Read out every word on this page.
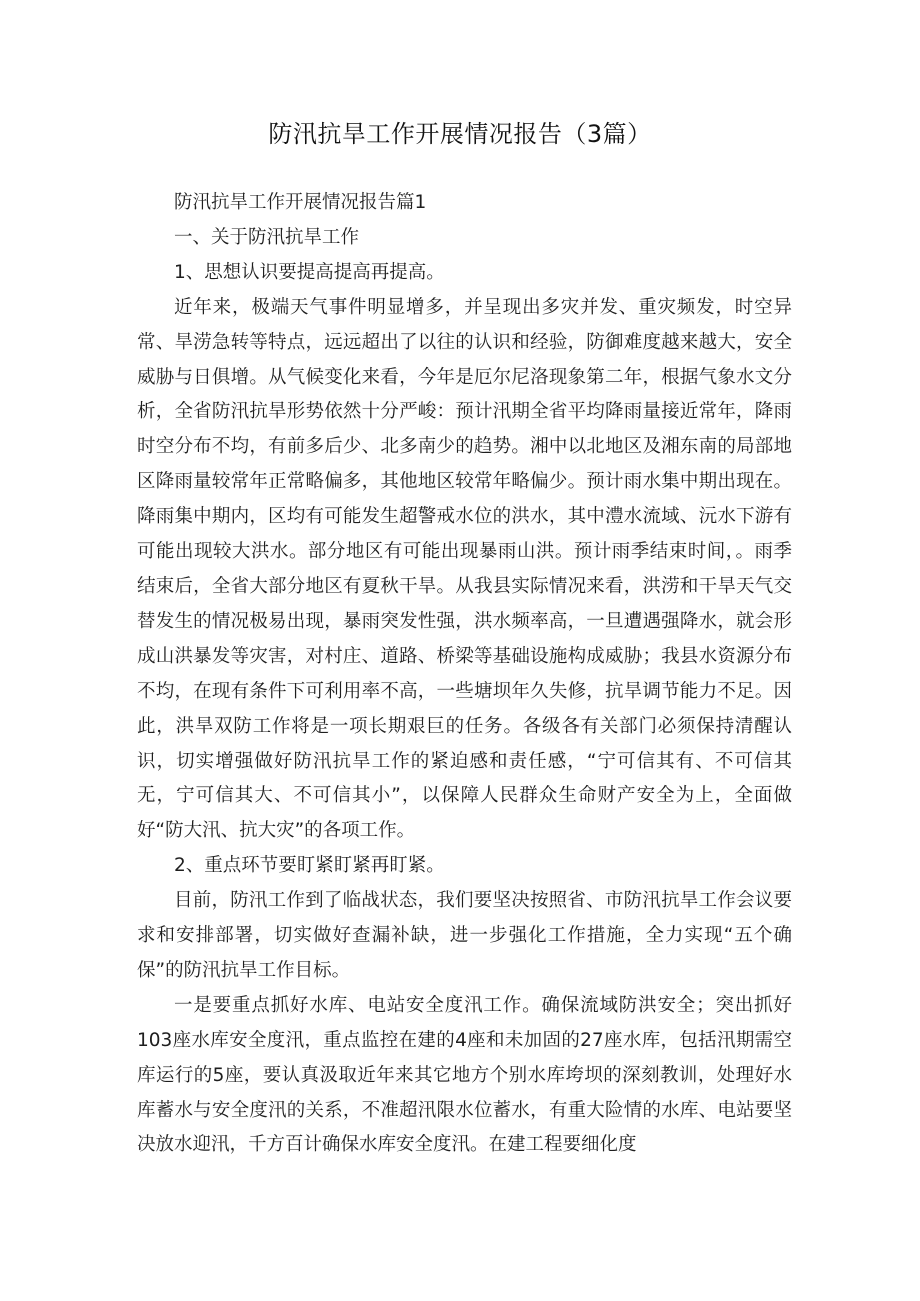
防汛抗旱工作开展情况报告（3篇）

防汛抗旱工作开展情况报告篇1

一、关于防汛抗旱工作

1、思想认识要提高提高再提高。

近年来，极端天气事件明显增多，并呈现出多灾并发、重灾频发，时空异常、旱涝急转等特点，远远超出了以往的认识和经验，防御难度越来越大，安全威胁与日俱增。从气候变化来看，今年是厄尔尼洛现象第二年，根据气象水文分析，全省防汛抗旱形势依然十分严峻：预计汛期全省平均降雨量接近常年，降雨时空分布不均，有前多后少、北多南少的趋势。湘中以北地区及湘东南的局部地区降雨量较常年正常略偏多，其他地区较常年略偏少。预计雨水集中期出现在。降雨集中期内，区均有可能发生超警戒水位的洪水，其中澧水流域、沅水下游有可能出现较大洪水。部分地区有可能出现暴雨山洪。预计雨季结束时间，。雨季结束后，全省大部分地区有夏秋干旱。从我县实际情况来看，洪涝和干旱天气交替发生的情况极易出现，暴雨突发性强，洪水频率高，一旦遭遇强降水，就会形成山洪暴发等灾害，对村庄、道路、桥梁等基础设施构成威胁；我县水资源分布不均，在现有条件下可利用率不高，一些塘坝年久失修，抗旱调节能力不足。因此，洪旱双防工作将是一项长期艰巨的任务。各级各有关部门必须保持清醒认识，切实增强做好防汛抗旱工作的紧迫感和责任感，“宁可信其有、不可信其无，宁可信其大、不可信其小”，以保障人民群众生命财产安全为上，全面做好“防大汛、抗大灾”的各项工作。

2、重点环节要盯紧盯紧再盯紧。

目前，防汛工作到了临战状态，我们要坚决按照省、市防汛抗旱工作会议要求和安排部署，切实做好查漏补缺，进一步强化工作措施，全力实现“五个确保”的防汛抗旱工作目标。

一是要重点抓好水库、电站安全度汛工作。确保流域防洪安全；突出抓好103座水库安全度汛，重点监控在建的4座和未加固的27座水库，包括汛期需空库运行的5座，要认真汲取近年来其它地方个别水库垮坝的深刻教训，处理好水库蓄水与安全度汛的关系，不准超汛限水位蓄水，有重大险情的水库、电站要坚决放水迎汛，千方百计确保水库安全度汛。在建工程要细化度
